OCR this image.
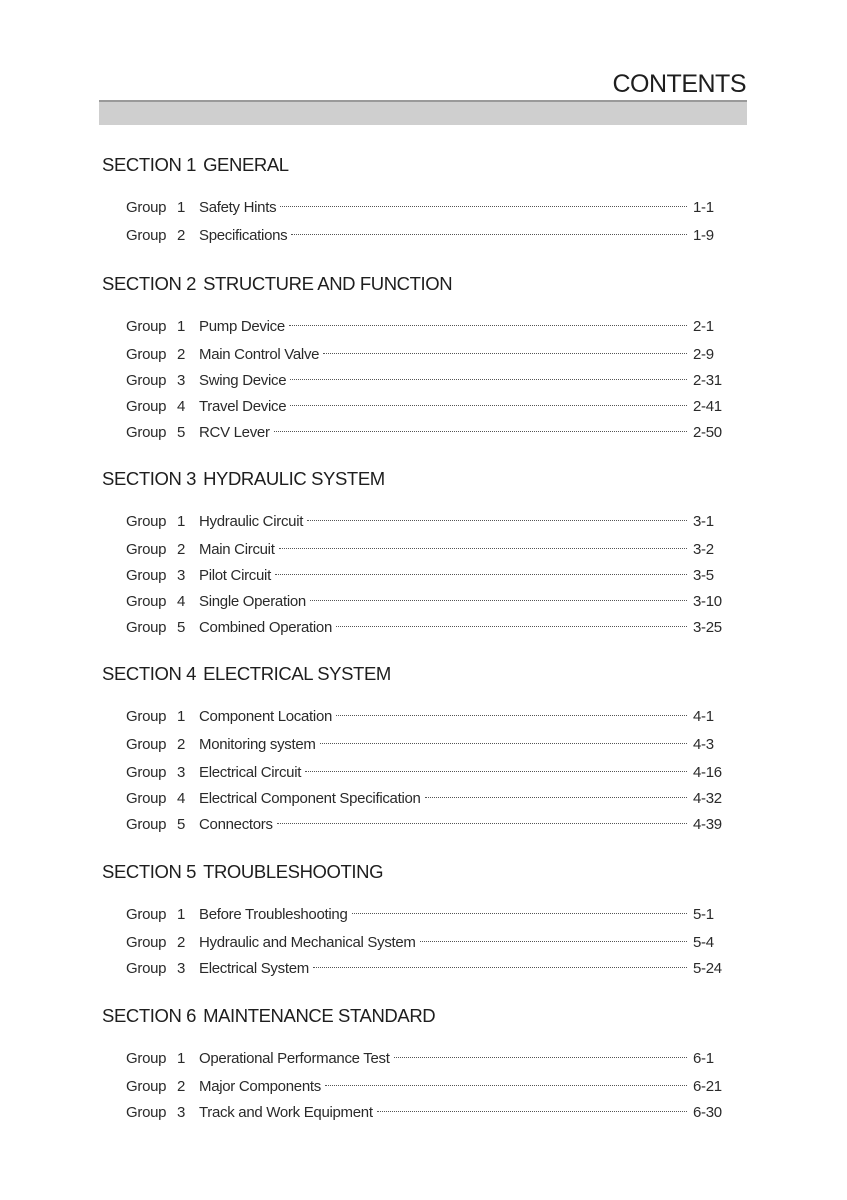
CONTENTS
SECTION 1 GENERAL
Group 1 Safety Hints	1-1
Group 2 Specifications	1-9
SECTION 2 STRUCTURE AND FUNCTION
Group 1 Pump Device	2-1
Group 2 Main Control Valve	2-9
Group 3 Swing Device	2-31
Group 4 Travel Device	2-41
Group 5 RCV Lever	2-50
SECTION 3 HYDRAULIC SYSTEM
Group 1 Hydraulic Circuit	3-1
Group 2 Main Circuit	3-2
Group 3 Pilot Circuit	3-5
Group 4 Single Operation	3-10
Group 5 Combined Operation	3-25
SECTION 4 ELECTRICAL SYSTEM
Group 1 Component Location	4-1
Group 2 Monitoring system	4-3
Group 3 Electrical Circuit	4-16
Group 4 Electrical Component Specification	4-32
Group 5 Connectors	4-39
SECTION 5 TROUBLESHOOTING
Group 1 Before Troubleshooting	5-1
Group 2 Hydraulic and Mechanical System	5-4
Group 3 Electrical System	5-24
SECTION 6 MAINTENANCE STANDARD
Group 1 Operational Performance Test	6-1
Group 2 Major Components	6-21
Group 3 Track and Work Equipment	6-30
